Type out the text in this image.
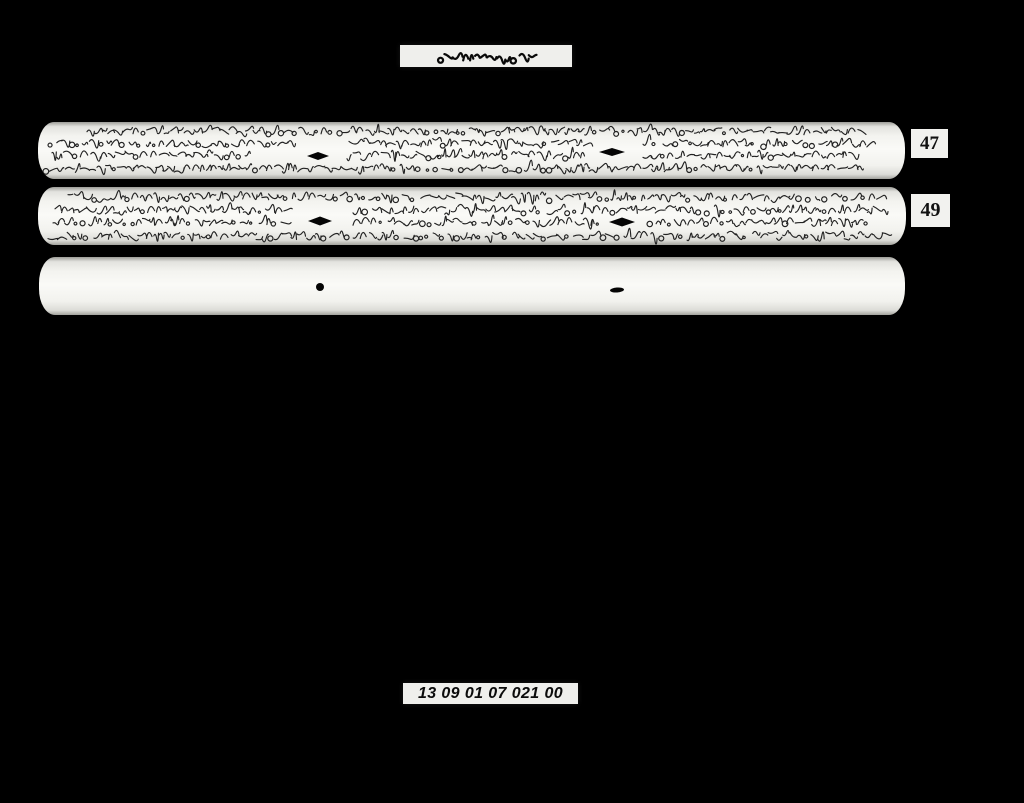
47
49
13 09 01 07 021 00
